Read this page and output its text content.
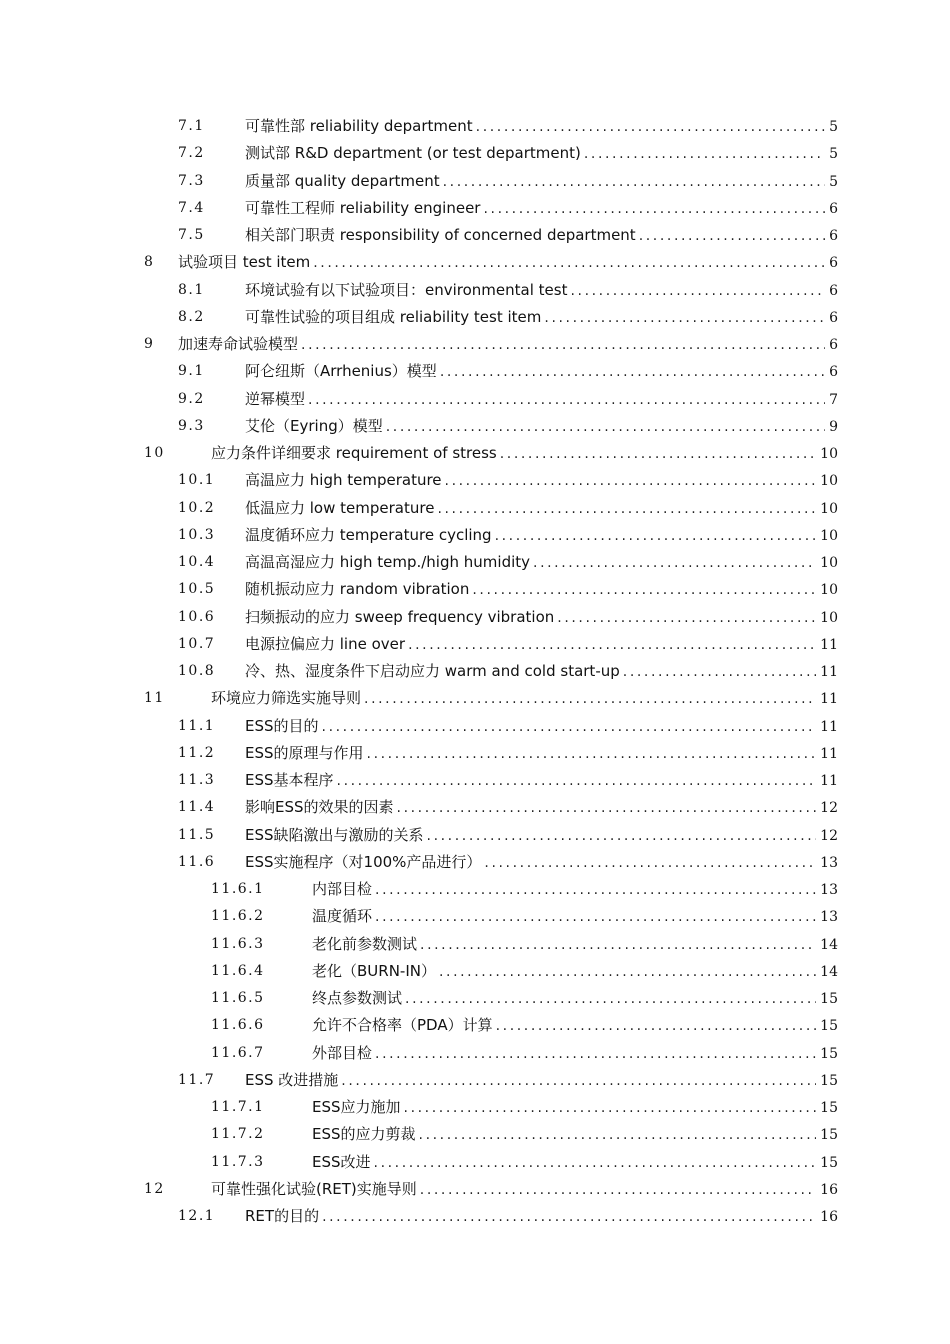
7.1	可靠性部 reliability department .....	5
7.2	测试部 R&D department (or test department) .....	5
7.3	质量部 quality department .....	5
7.4	可靠性工程师 reliability engineer .....	6
7.5	相关部门职责 responsibility of concerned department .....	6
8 试验项目 test item .....	6
8.1	环境试验有以下试验项目：environmental test .....	6
8.2	可靠性试验的项目组成 reliability test item .....	6
9 加速寿命试验模型 .....	6
9.1	阿仑纽斯（Arrhenius）模型 .....	6
9.2	逆幂模型 .....	7
9.3	艾伦（Eyring）模型 .....	9
10	应力条件详细要求 requirement of stress .....	10
10.1 高温应力 high temperature .....	10
10.2 低温应力 low temperature .....	10
10.3 温度循环应力 temperature cycling .....	10
10.4 高温高湿应力 high temp./high humidity .....	10
10.5 随机振动应力 random vibration .....	10
10.6 扫频振动的应力 sweep frequency vibration .....	10
10.7 电源拉偏应力 line over .....	11
10.8 冷、热、湿度条件下启动应力 warm and cold start-up .....	11
11	环境应力筛选实施导则 .....	11
11.1 ESS的目的 .....	11
11.2 ESS的原理与作用 .....	11
11.3 ESS基本程序 .....	11
11.4 影响ESS的效果的因素 .....	12
11.5 ESS缺陷激出与激励的关系 .....	12
11.6 ESS实施程序（对100%产品进行） .....	13
11.6.1	内部目检 .....	13
11.6.2	温度循环 .....	13
11.6.3	老化前参数测试 .....	14
11.6.4	老化（BURN-IN） .....	14
11.6.5	终点参数测试 .....	15
11.6.6	允许不合格率（PDA）计算 .....	15
11.6.7	外部目检 .....	15
11.7 ESS 改进措施 .....	15
11.7.1	ESS应力施加 .....	15
11.7.2	ESS的应力剪裁 .....	15
11.7.3	ESS改进 .....	15
12	可靠性强化试验(RET)实施导则 .....	16
12.1 RET的目的 .....	16
